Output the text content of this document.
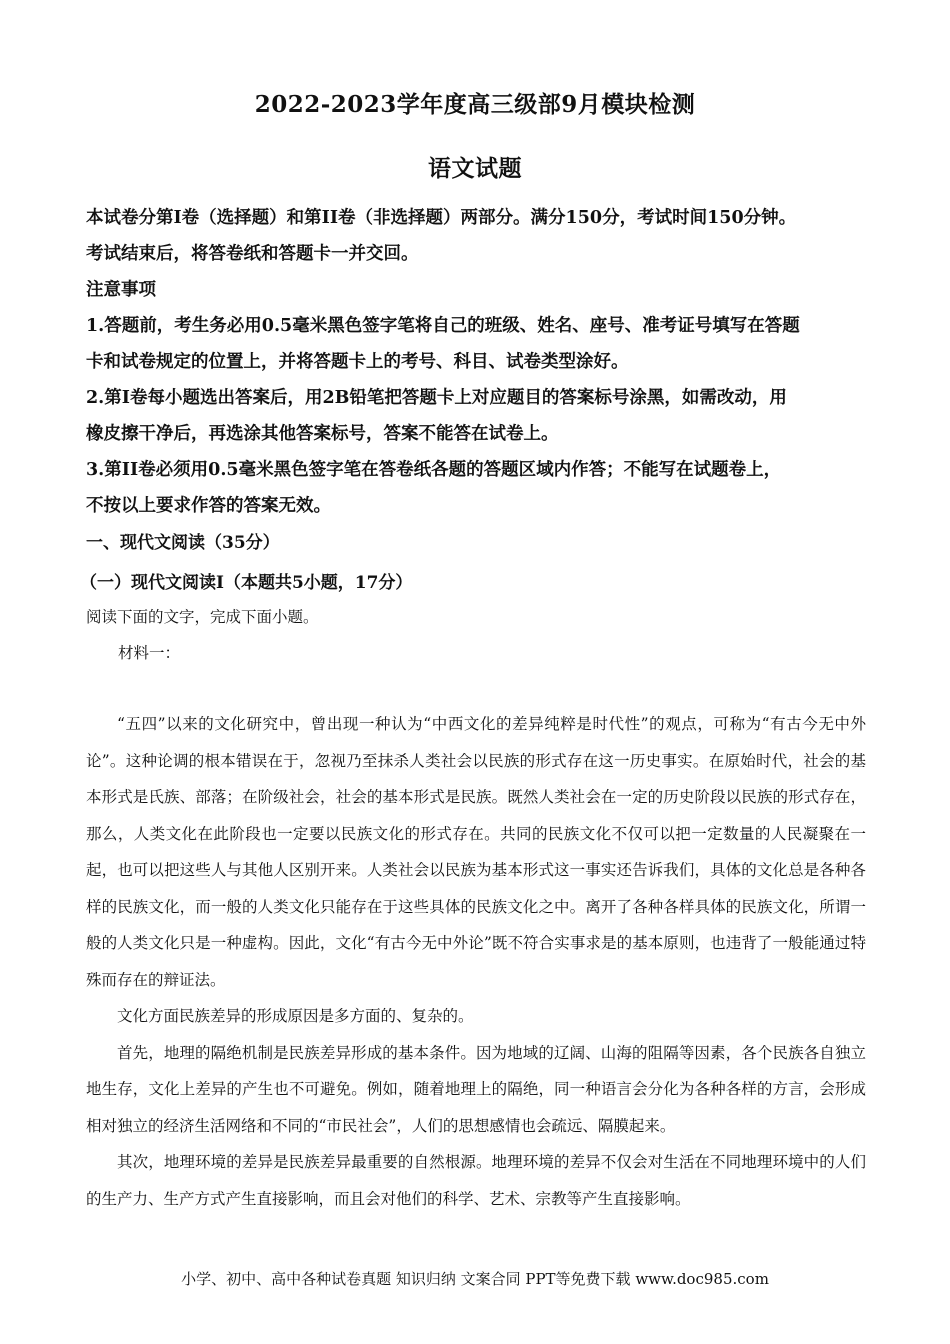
2022-2023学年度高三级部9月模块检测
语文试题
本试卷分第Ⅰ卷（选择题）和第II卷（非选择题）两部分。满分150分，考试时间150分钟。
考试结束后，将答卷纸和答题卡一并交回。
注意事项
1.答题前，考生务必用0.5毫米黑色签字笔将自己的班级、姓名、座号、准考证号填写在答题
卡和试卷规定的位置上，并将答题卡上的考号、科目、试卷类型涂好。
2.第Ⅰ卷每小题选出答案后，用2B铅笔把答题卡上对应题目的答案标号涂黑，如需改动，用
橡皮擦干净后，再选涂其他答案标号，答案不能答在试卷上。
3.第II卷必须用0.5毫米黑色签字笔在答卷纸各题的答题区域内作答；不能写在试题卷上，
不按以上要求作答的答案无效。
一、现代文阅读（35分）
（一）现代文阅读Ⅰ（本题共5小题，17分）
阅读下面的文字，完成下面小题。
材料一：

“五四”以来的文化研究中，曾出现一种认为“中西文化的差异纯粹是时代性”的观点，可称为“有古今无中外论”。这种论调的根本错误在于，忽视乃至抹杀人类社会以民族的形式存在这一历史事实。在原始时代，社会的基本形式是氏族、部落；在阶级社会，社会的基本形式是民族。既然人类社会在一定的历史阶段以民族的形式存在，那么，人类文化在此阶段也一定要以民族文化的形式存在。共同的民族文化不仅可以把一定数量的人民凝聚在一起，也可以把这些人与其他人区别开来。人类社会以民族为基本形式这一事实还告诉我们，具体的文化总是各种各样的民族文化，而一般的人类文化只能存在于这些具体的民族文化之中。离开了各种各样具体的民族文化，所谓一般的人类文化只是一种虚构。因此，文化“有古今无中外论”既不符合实事求是的基本原则，也违背了一般能通过特殊而存在的辩证法。

文化方面民族差异的形成原因是多方面的、复杂的。

首先，地理的隔绝机制是民族差异形成的基本条件。因为地域的辽阔、山海的阻隔等因素，各个民族各自独立地生存，文化上差异的产生也不可避免。例如，随着地理上的隔绝，同一种语言会分化为各种各样的方言，会形成相对独立的经济生活网络和不同的“市民社会”，人们的思想感情也会疏远、隔膜起来。

其次，地理环境的差异是民族差异最重要的自然根源。地理环境的差异不仅会对生活在不同地理环境中的人们的生产力、生产方式产生直接影响，而且会对他们的科学、艺术、宗教等产生直接影响。

小学、初中、高中各种试卷真题 知识归纳 文案合同 PPT等免费下载 www.doc985.com
